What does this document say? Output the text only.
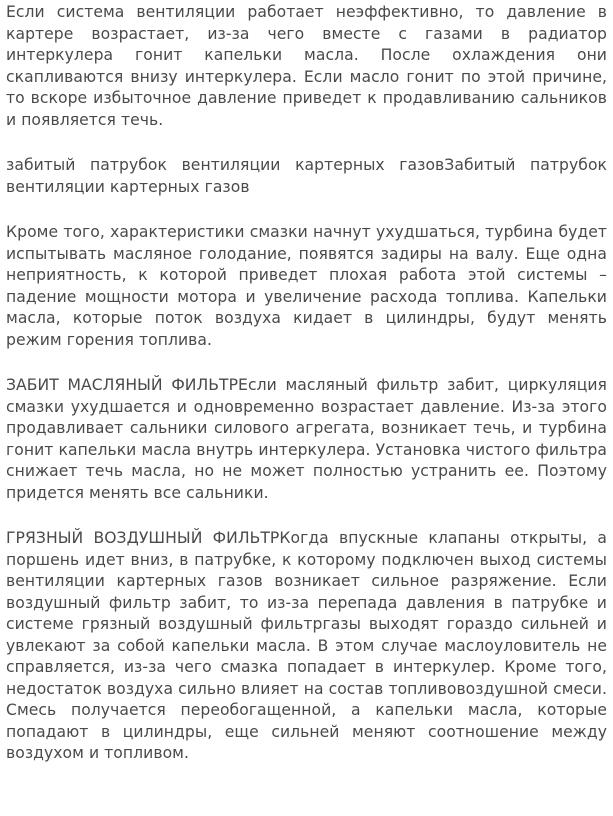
Если система вентиляции работает неэффективно, то давление в картере возрастает, из-за чего вместе с газами в радиатор интеркулера гонит капельки масла. После охлаждения они скапливаются внизу интеркулера. Если масло гонит по этой причине, то вскоре избыточное давление приведет к продавливанию сальников и появляется течь.

забитый патрубок вентиляции картерных газовЗабитый патрубок вентиляции картерных газов

Кроме того, характеристики смазки начнут ухудшаться, турбина будет испытывать масляное голодание, появятся задиры на валу. Еще одна неприятность, к которой приведет плохая работа этой системы – падение мощности мотора и увеличение расхода топлива. Капельки масла, которые поток воздуха кидает в цилиндры, будут менять режим горения топлива.

ЗАБИТ МАСЛЯНЫЙ ФИЛЬТРЕсли масляный фильтр забит, циркуляция смазки ухудшается и одновременно возрастает давление. Из-за этого продавливает сальники силового агрегата, возникает течь, и турбина гонит капельки масла внутрь интеркулера. Установка чистого фильтра снижает течь масла, но не может полностью устранить ее. Поэтому придется менять все сальники.

ГРЯЗНЫЙ ВОЗДУШНЫЙ ФИЛЬТРКогда впускные клапаны открыты, а поршень идет вниз, в патрубке, к которому подключен выход системы вентиляции картерных газов возникает сильное разряжение. Если воздушный фильтр забит, то из-за перепада давления в патрубке и системе грязный воздушный фильтргазы выходят гораздо сильней и увлекают за собой капельки масла. В этом случае маслоуловитель не справляется, из-за чего смазка попадает в интеркулер. Кроме того, недостаток воздуха сильно влияет на состав топливовоздушной смеси. Смесь получается переобогащенной, а капельки масла, которые попадают в цилиндры, еще сильней меняют соотношение между воздухом и топливом.
